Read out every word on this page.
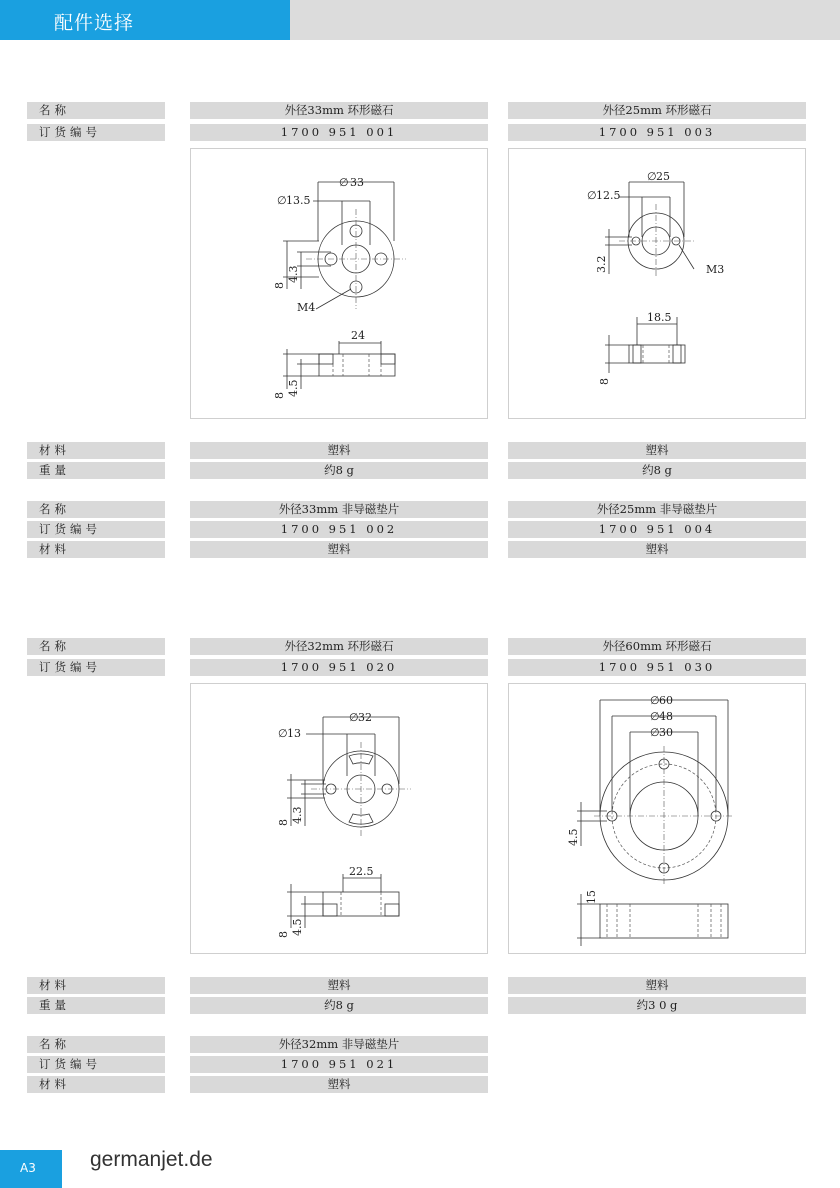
配件选择
名称	外径33mm 环形磁石	外径25mm 环形磁石
订货编号	1700 951 001	1700 951 003
33
∅
∅ 13.5
8
4.3
M4
24
8 4.5
∅ 25
∅ 12.5
3.2	M3
18.5
8
材料	塑料	塑料
重量	约8 g	约8 g
名称	外径33mm 非导磁垫片	外径25mm 非导磁垫片
订货编号	1700 951 002	1700 951 004
材料	塑料	塑料
名称	外径32mm 环形磁石	外径60mm 环形磁石
订货编号	1700 951 020	1700 951 030
∅ 32
∅ 13
8 4.3
22.5
8 4.5
∅ 60
∅ 48
∅ 30
4.5
15
材料	塑料	塑料
重量	约8 g	约3 0 g
名称	外径32mm 非导磁垫片
订货编号	1700 951 021
材料	塑料
A3	germanjet.de
